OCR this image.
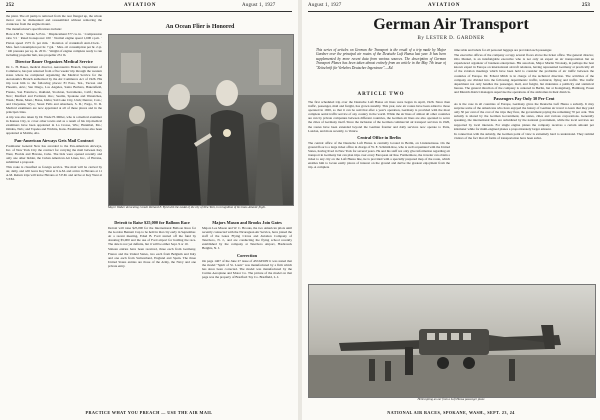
252	AVIATION	August 1, 1927

the plant. The oil pump is removed from the rear flanged up, the whole motor can be dismounted and reassembled without removing the crankcase from the engine mount.

The manufacturer's specifications include:

Bore 4.38 in. · Stroke 5.25 in. · Displacement 377 cu. in. · Compression ratio 5:1 · Rated horsepower 100 · Normal engine speed 1,600 r.p.m. · Piston speed 1575 ft. per min. · Rotation of crankshaft Anti-Clock. · Max. fuel consumption per hr. 7 gal. · Max. oil consumption per hr. 2 qt. · Oil pressure per sq. in. 20 lb. · Weight of engine complete ready to run including propeller hub, less propeller 231 lb.

Director Bauer Organizes Medical Service

Dr. L. H. Bauer, medical director, Aeronautics Branch, Department of Commerce, has just returned from a five weeks' trip through the western states where he completed organizing the Medical Service for the Aeronautics Branch authorized by the Air Commerce Act of 1926. His trip took him to the following places: El Paso, Tex., Tucson and Phoenix, Ariz.; San Diego, Los Angeles, Santa Barbara, Bakersfield, Fresno, San Francisco, Oakland, Stockton, Sacramento, Calif.; Reno, Nev.; Medford and Portland, Ore.; Seattle, Spokane and Wenatchee, Wash.; Butte, Mont.; Boise, Idaho; Salt Lake City, Utah; Denver, Colo.; and Cheyenne, Wyo.; Sioux Falls and Aberdeen, S. D.; Fargo, N. D. Medical examiners are now appointed at all of these places and in the principal cities.

A trip was also taken by Dr. Wade H. Miller, who is a medical examiner in Kansas City, to cover other towns and as a result of his trip medical examiners have been appointed in La Crosse, Wis.; Hannibal, Mo.; Omaha, Neb.; and Topeka and Wichita, Kans. Examiners have also been appointed at Mobile, Ala.

Pan-American Airways Gets Mail Contract

Postmaster General New has awarded to the Pan-American Airways, Inc. of New York City the contract for carrying the mail between Key West, Florida and Havana, Cuba. The bids were opened recently and only one other bidder, the Cuban American Air Lines, Inc., of Havana, submitted a proposal.

This route is classified as foreign service. The mail will be carried by air, daily, and will leave Key West at 9 A.M. and arrive in Havana at 11 A.M. Return trips will leave Havana at 3 P.M. and arrive at Key West at 5 P.M.

An Ocean Flier is Honored
Mayor Walker decorating Comdr. Richard E. Byrd with the medal of the city of New York, in recognition of his trans-Atlantic flight.
Detroit to Raise $25,000 for Balloon Race

Detroit will raise $25,000 for the International Balloon Race for the Gordon Bennett Cup to be held in that city early in September. At a recent meeting, Edsel B. Ford started off the fund by donating $5,000 and the use of Ford airport for holding the race. The date is not yet definite, but it will be either Sept. 9 or 10.

Sixteen entries have been received, three each from Germany, France and the United States, two each from Belgium and Italy and one each from Switzerland, England and Spain. The three United States entries are those of the Army, the Navy and one private entry.

Majors Mason and Brooks Join Gates

Majors Lee Mason and W. C. Brooks, the two American pilots until recently connected with the Nicaraguan Air Service, have joined the staff of the Gates Flying Circus and Aviation Company of Teterboro, N. J., and are conducting the flying school recently established by the company at Teterboro Airport, Hasbrouck Heights, N. J.

Correction

On page 1467 of the June 27 issue of AVIATION it was stated that the model "Spirit of St. Louis" was manufactured by a firm which has since been corrected. The model was manufactured by the Curtiss Aeroplane and Motor Co. The picture of the model on that page was the property of Bradford Toy Co. Bradfield, L. I.

PRACTICE WHAT YOU PREACH — USE THE AIR MAIL
August 1, 1927	AVIATION	253
German Air Transport
By LESTER D. GARDNER
This series of articles on German Air Transport is the result of a trip made by Major Gardner over the principal air routes of the Deutsche Luft Hansa last year. It has been supplemented by more recent data from various sources. The description of German Transport Planes has been taken almost entirely from an article in the May 7th issue of "Zeitschrift für Verkehrs Deutscher Ingenieure".—Ed.
ARTICLE TWO

The first scheduled trip over the Deutsche Luft Hansa air lines were begun in April, 1926. Since then traffic, passenger, mail and freight, has grown steadily. This year, new air routes have been added to those operated in 1926, so that it can be said that after a year's operation, Germany is provided with the most complete aerial traffic service of any country in the world. While the air lines of almost all other countries are run by private companies between different countries, the German air lines are also operated to serve the cities of Germany itself. Since the inclusion of the German commercial air transport services in 1926, the routes have been extended beyond the German frontier and daily services now operate to Paris, London, and more recently, to Venice.

Central Office in Berlin

The central office of the Deutsche Luft Hansa is centrally located in Berlin, on Lindenstrasse. On the ground floor is a large ticket office in charge of W. E. Schmidt-Roe, who is well acquainted with the United States, having lived in New York for several years. He and his staff not only give information regarding air transport in Germany but can plan trips over every European air line. Furthermore, the traveler can obtain a ticket to any city on the Luft Hansa line, he is provided with a specially prepared map of the route, which enables him to locate easily places of interest on the ground and derive the greatest enjoyment from the trip. A complete

time table and labels for all personal luggage are provided each passenger.

The executive offices of the company occupy several floors above the ticket office. The general director, Otto Merkel, is an indefatigable executive who is not only an expert on air transportation but an experienced organizer of business enterprises. His associate, Major Martin Wronsky, in perhaps the best known expert in Europe on international aircraft relations, having represented Germany at practically all of the aviation meetings which have been held to consider the problems of air traffic between the countries of Europe. Dr. Erhard Milch is in charge of the technical direction. The activities of the company are divided into the following departments: traffic, technical, flying and traffic. The traffic department not only handles the passenger, mail, and freight, but maintains a publicity and statistical bureau. The general direction of the company is centered in Berlin, but at Konigsberg, Hamburg, Essen and Munich district managers supervise the operations of the airdromes in their districts.

Passengers Pay Only 30 Per Cent

As is the case in all countries of Europe, Germany gives the Deutsche Luft Hansa a subsidy. It may surprise some of the Americans who have enjoyed the luxury of German air travel to learn that they paid only 30 per cent of the cost of the trips they flew, the government paying the remaining 70 per cent. This subsidy is shared by the German Government, the states, cities and various corporations. Generally speaking, the international lines are subsidized by the national government, while the local services are supported by local interests. For single engine planes the company receives a certain amount per kilometer while for multi-engined planes a proportionately larger amount.

In connection with the subsidy, the German point of view is extremely hard to understand. They remind visitors of the fact that all forms of transportation have been subsi-

Hellecopting an ear from a Luft Hansa passenger plane
NATIONAL AIR RACES, SPOKANE, WASH., SEPT. 23, 24
